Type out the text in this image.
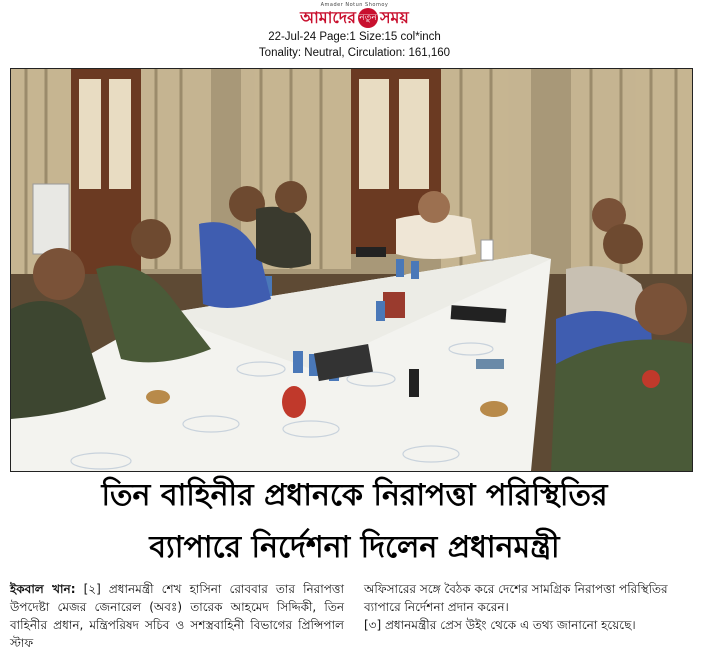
Amader Notun Shomoy
আমাদের নতুন সময়
22-Jul-24 Page:1 Size:15 col*inch
Tonality: Neutral, Circulation: 161,160
তিন বাহিনীর প্রধানকে নিরাপত্তা পরিস্থিতির
ব্যাপারে নির্দেশনা দিলেন প্রধানমন্ত্রী
ইকবাল খান: [২] প্রধানমন্ত্রী শেখ হাসিনা রোববার তার নিরাপত্তা উপদেষ্টা মেজর জেনারেল (অবঃ) তারেক আহমেদ সিদ্দিকী, তিন বাহিনীর প্রধান, মন্ত্রিপরিষদ সচিব ও সশস্ত্রবাহিনী বিভাগের প্রিন্সিপাল স্টাফ

অফিসারের সঙ্গে বৈঠক করে দেশের সামগ্রিক নিরাপত্তা পরিস্থিতির ব্যাপারে নির্দেশনা প্রদান করেন।

[৩] প্রধানমন্ত্রীর প্রেস উইং থেকে এ তথ্য জানানো হয়েছে।
